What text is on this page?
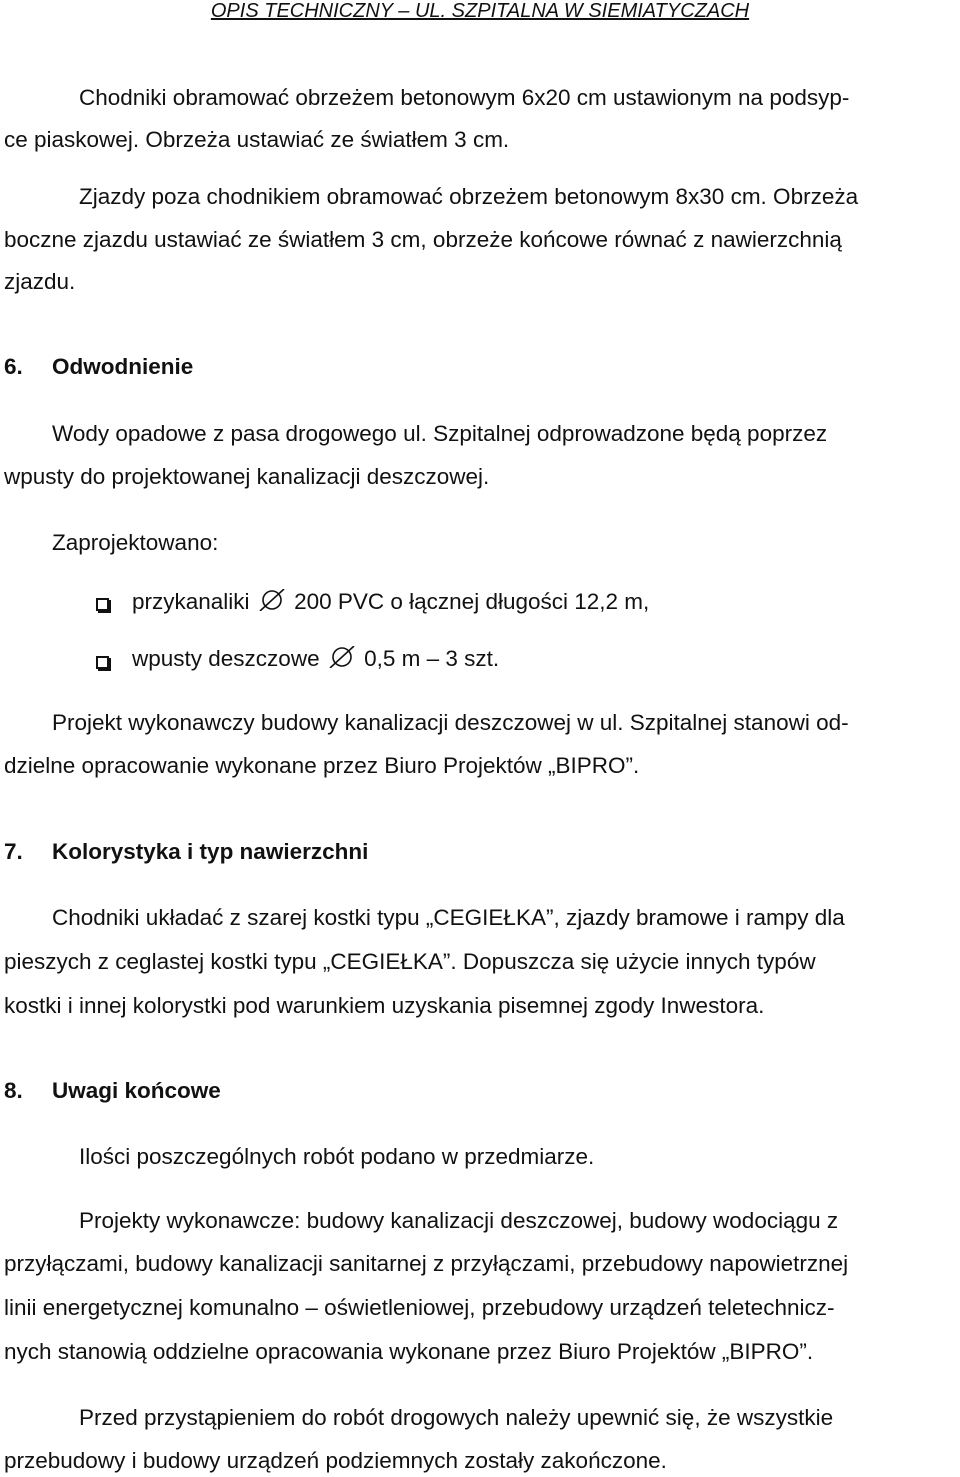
OPIS TECHNICZNY – UL. SZPITALNA W SIEMIATYCZACH
Chodniki obramować obrzeżem betonowym 6x20 cm ustawionym na podsyp-
ce piaskowej. Obrzeża ustawiać ze światłem 3 cm.
Zjazdy poza chodnikiem obramować obrzeżem betonowym 8x30 cm. Obrzeża
boczne zjazdu ustawiać ze światłem 3 cm, obrzeże końcowe równać z nawierzchnią
zjazdu.
6. Odwodnienie
Wody opadowe z pasa drogowego ul. Szpitalnej odprowadzone będą poprzez
wpusty do projektowanej kanalizacji deszczowej.
Zaprojektowano:
przykanaliki 200 PVC o łącznej długości 12,2 m,
wpusty deszczowe 0,5 m – 3 szt.
Projekt wykonawczy budowy kanalizacji deszczowej w ul. Szpitalnej stanowi od-
dzielne opracowanie wykonane przez Biuro Projektów „BIPRO”.
7. Kolorystyka i typ nawierzchni
Chodniki układać z szarej kostki typu „CEGIEŁKA”, zjazdy bramowe i rampy dla
pieszych z ceglastej kostki typu „CEGIEŁKA”. Dopuszcza się użycie innych typów
kostki i innej kolorystki pod warunkiem uzyskania pisemnej zgody Inwestora.
8. Uwagi końcowe
Ilości poszczególnych robót podano w przedmiarze.
Projekty wykonawcze: budowy kanalizacji deszczowej, budowy wodociągu z
przyłączami, budowy kanalizacji sanitarnej z przyłączami, przebudowy napowietrznej
linii energetycznej komunalno – oświetleniowej, przebudowy urządzeń teletechnicz-
nych stanowią oddzielne opracowania wykonane przez Biuro Projektów „BIPRO”.
Przed przystąpieniem do robót drogowych należy upewnić się, że wszystkie
przebudowy i budowy urządzeń podziemnych zostały zakończone.
